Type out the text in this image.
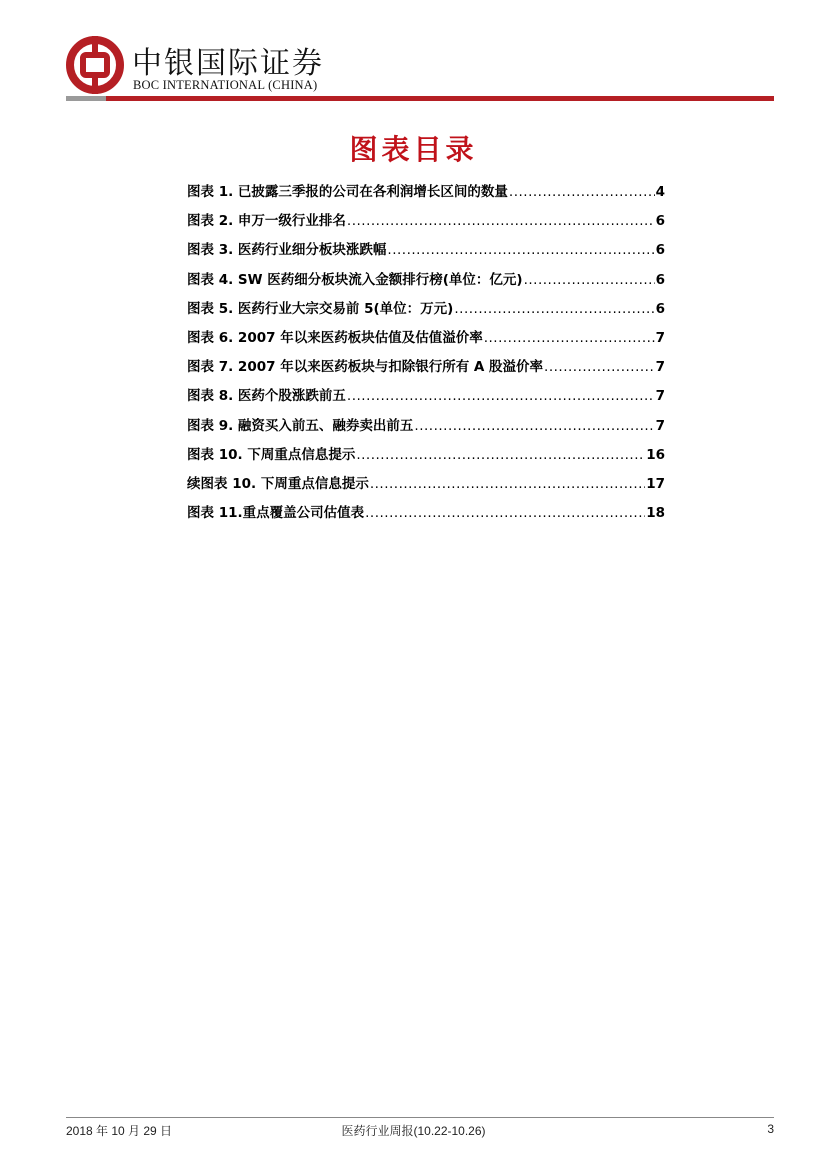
中银国际证券
BOC INTERNATIONAL (CHINA)
图表目录
图表 1. 已披露三季报的公司在各利润增长区间的数量 .....	4
图表 2. 申万一级行业排名 .....	6
图表 3. 医药行业细分板块涨跌幅 .....	6
图表 4. SW 医药细分板块流入金额排行榜(单位：亿元) .....	6
图表 5. 医药行业大宗交易前 5(单位：万元) .....	6
图表 6. 2007 年以来医药板块估值及估值溢价率 .....	7
图表 7. 2007 年以来医药板块与扣除银行所有 A 股溢价率 .....	7
图表 8. 医药个股涨跌前五 .....	7
图表 9. 融资买入前五、融券卖出前五 .....	7
图表 10. 下周重点信息提示 .....	16
续图表 10. 下周重点信息提示 .....	17
图表 11.重点覆盖公司估值表 .....	18
2018 年 10 月 29 日	医药行业周报(10.22-10.26)	3
